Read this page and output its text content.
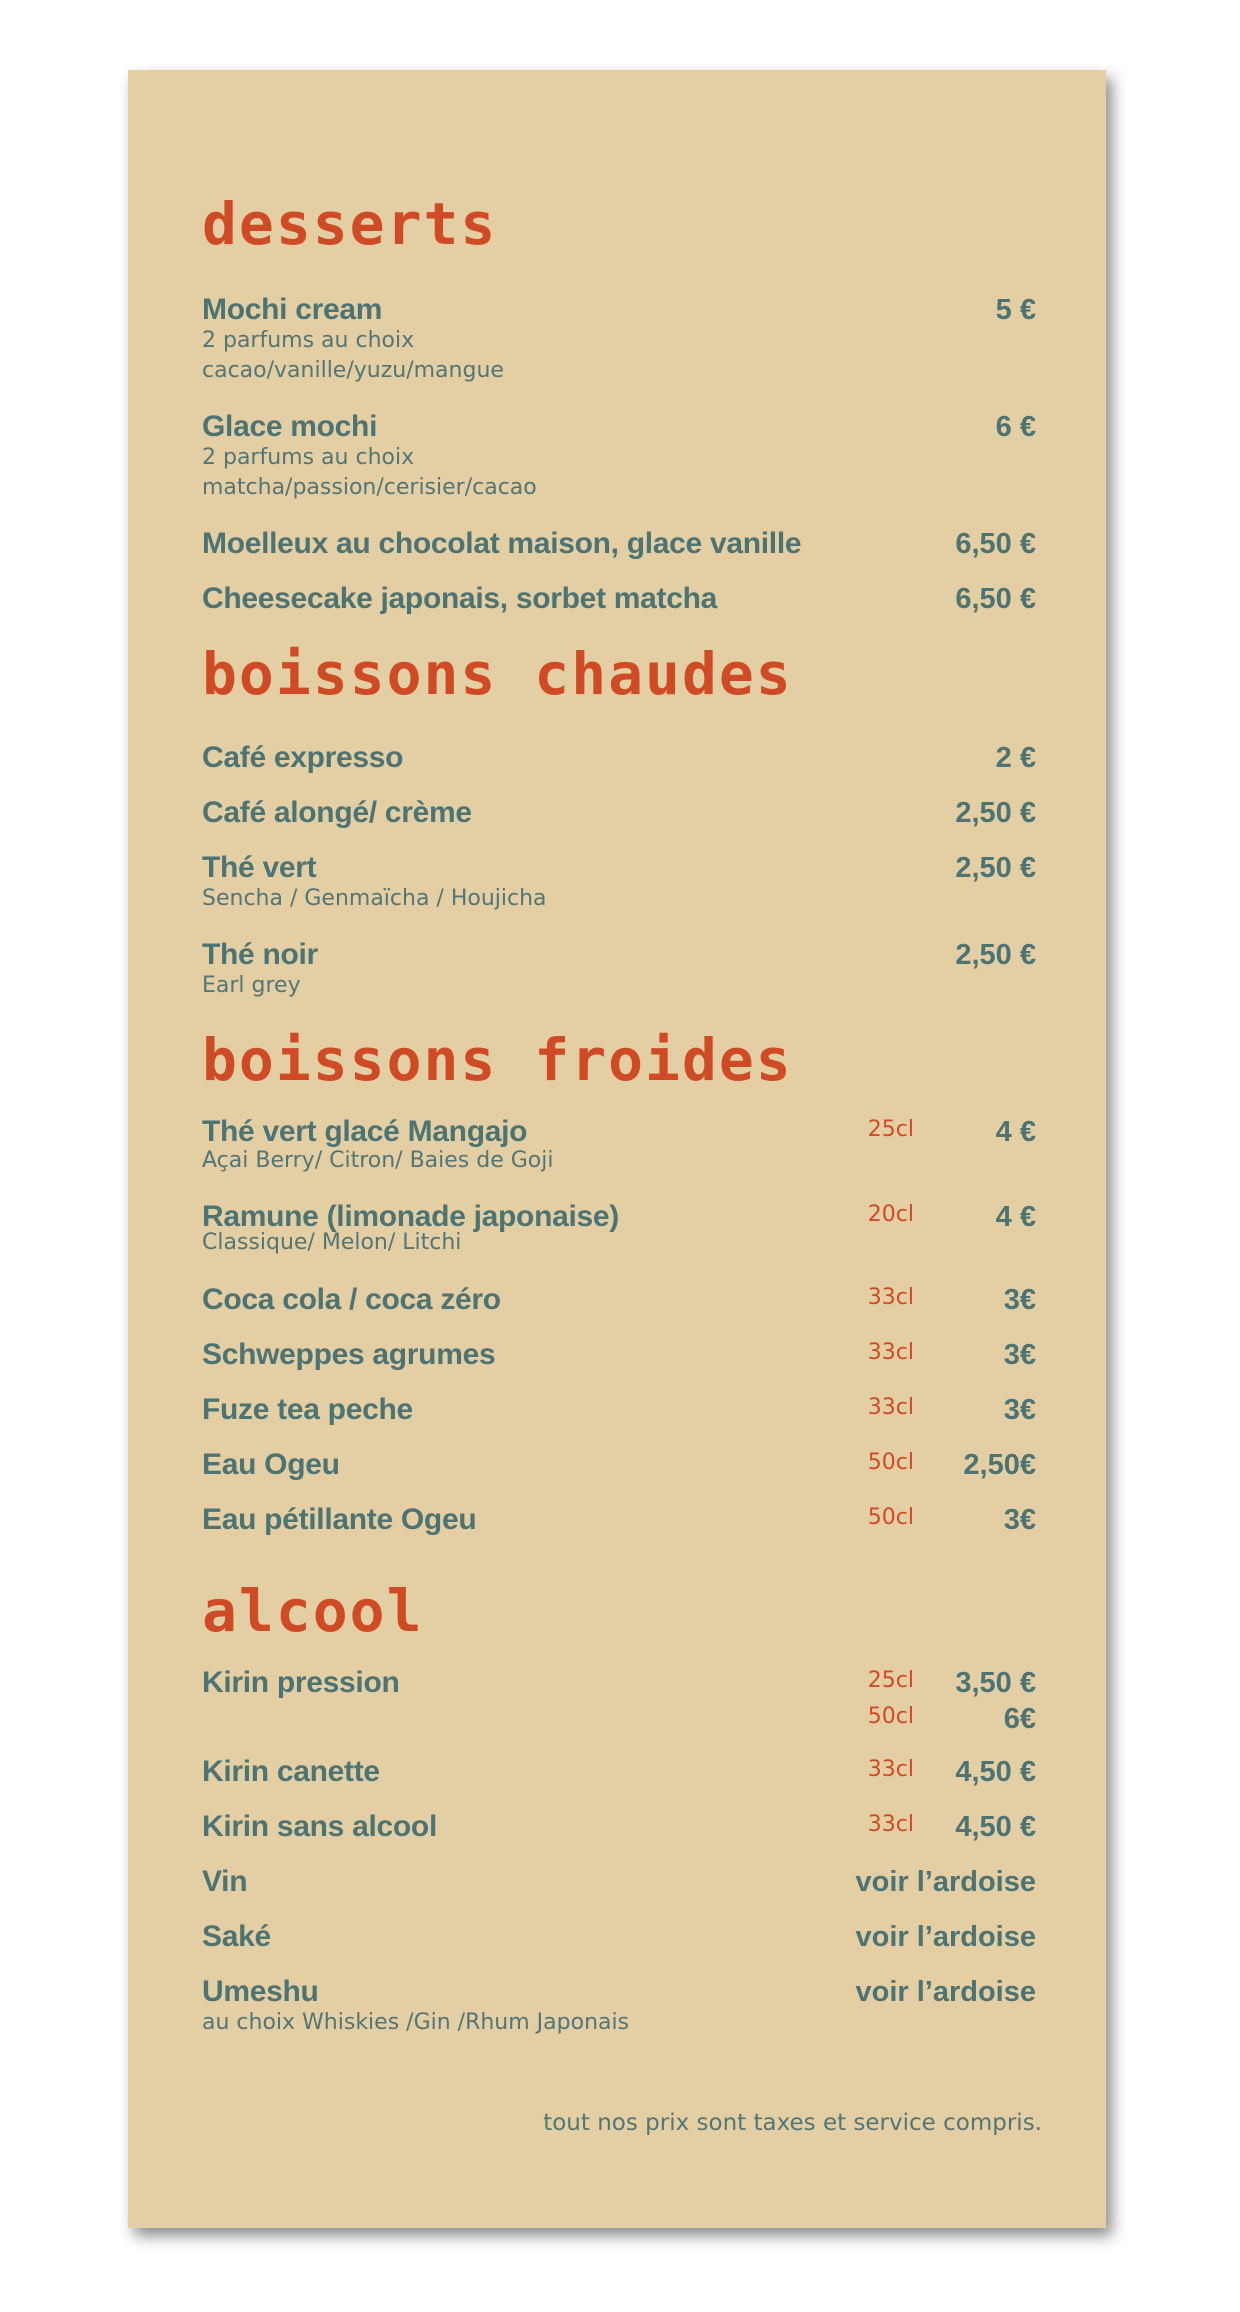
desserts
Mochi cream	5 €
2 parfums au choix
cacao/vanille/yuzu/mangue
Glace mochi	6 €
2 parfums au choix
matcha/passion/cerisier/cacao
Moelleux au chocolat maison, glace vanille	6,50 €
Cheesecake japonais, sorbet matcha	6,50 €
boissons chaudes
Café expresso	2 €
Café alongé/ crème	2,50 €
Thé vert	2,50 €
Sencha / Genmaïcha / Houjicha
Thé noir	2,50 €
Earl grey
boissons froides
Thé vert glacé Mangajo	25cl	4 €
Açai Berry/ Citron/ Baies de Goji
Ramune (limonade japonaise)	20cl	4 €
Classique/ Melon/ Litchi
Coca cola / coca zéro	33cl	3€
Schweppes agrumes	33cl	3€
Fuze tea peche	33cl	3€
Eau Ogeu	50cl 2,50€
Eau pétillante Ogeu	50cl	3€
alcool
Kirin pression	25cl 3,50 €
50cl	6€
Kirin canette	33cl 4,50 €
Kirin sans alcool	33cl 4,50 €
Vin	voir l’ardoise
Saké	voir l’ardoise
Umeshu	voir l’ardoise
au choix Whiskies /Gin /Rhum Japonais
tout nos prix sont taxes et service compris.
